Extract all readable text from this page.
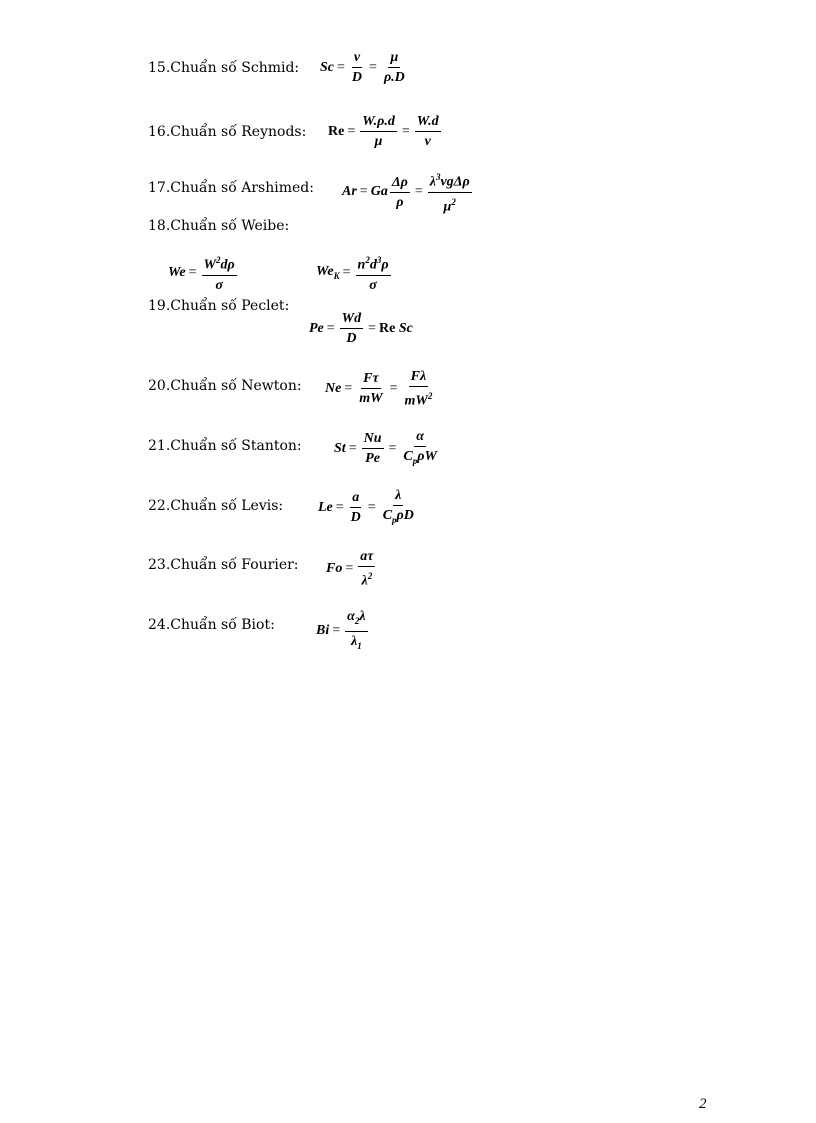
15.Chuẩn số Schmid: $Sc = \frac{\nu}{D} = \frac{\mu}{\rho.D}$
16.Chuẩn số Reynods: $Re = \frac{W.\rho.d}{\mu} = \frac{W.d}{\nu}$
17.Chuẩn số Arshimed: Ar = Ga $\frac{\Delta\rho}{\rho} = \frac{\lambda^3\nu g\Delta\rho}{\mu^2}$
18.Chuẩn số Weibe:
$We = \frac{W^2d\rho}{\sigma}$	$We_K = \frac{n^2d^3\rho}{\sigma}$
19.Chuẩn số Peclet:
$Pe = \frac{Wd}{D} = Re$
Sc
20.Chuẩn số Newton: $Ne = \frac{F\tau}{mW} = \frac{F\lambda}{mW^2}$
21.Chuẩn số Stanton: $St = \frac{Nu}{Pe} = \frac{\alpha}{C_p\rho W}$
22.Chuẩn số Levis: $Le = \frac{a}{D} = \frac{\lambda}{C_p\rho D}$
23.Chuẩn số Fourier: $Fo = \frac{a\tau}{\lambda^2}$
24.Chuẩn số Biot:	$Bi = \frac{\alpha_2\lambda}{\lambda_1}$
2
